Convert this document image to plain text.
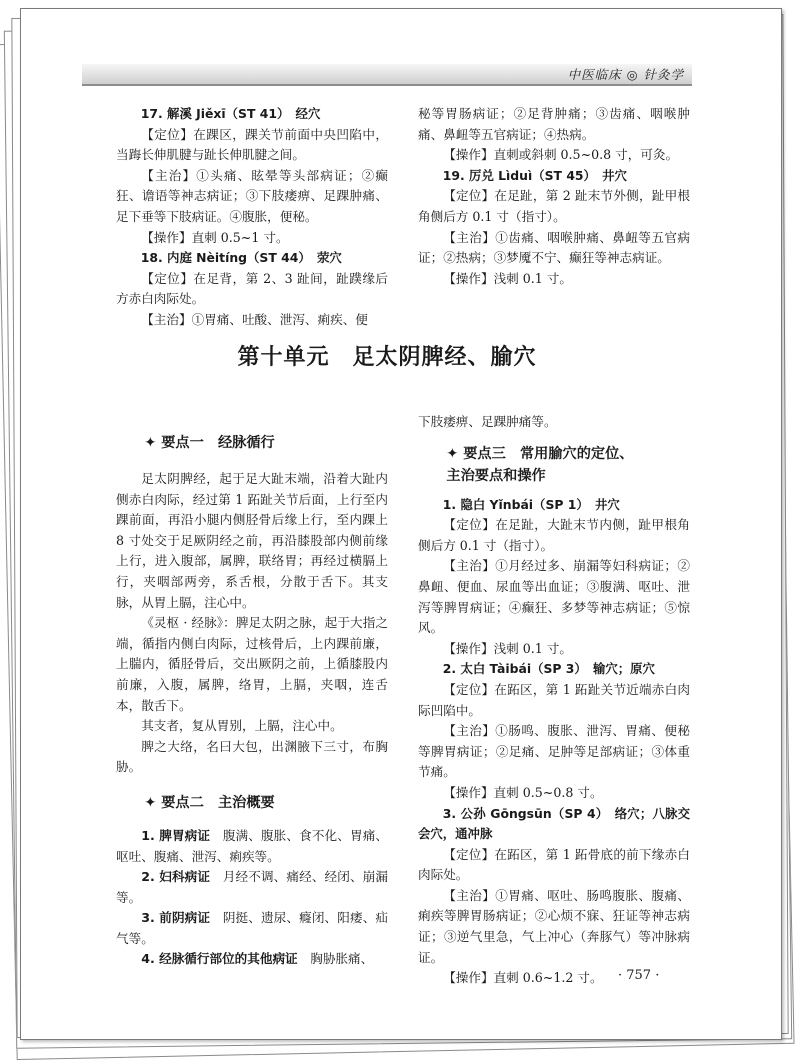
中医临床 ◎ 针灸学

17. 解溪 Jiěxī（ST 41）　经穴

【定位】在踝区，踝关节前面中央凹陷中，当踇长伸肌腱与趾长伸肌腱之间。

【主治】①头痛、眩晕等头部病证；②癫狂、谵语等神志病证；③下肢痿痹、足踝肿痛、足下垂等下肢病证。④腹胀，便秘。

【操作】直刺 0.5~1 寸。

18. 内庭 Nèitíng（ST 44）　荥穴

【定位】在足背，第 2、3 趾间，趾蹼缘后方赤白肉际处。

【主治】①胃痛、吐酸、泄泻、痢疾、便

秘等胃肠病证；②足背肿痛；③齿痛、咽喉肿痛、鼻衄等五官病证；④热病。

【操作】直刺或斜刺 0.5~0.8 寸，可灸。

19. 厉兑 Lìduì（ST 45）　井穴

【定位】在足趾，第 2 趾末节外侧，趾甲根角侧后方 0.1 寸（指寸）。

【主治】①齿痛、咽喉肿痛、鼻衄等五官病证；②热病；③梦魇不宁、癫狂等神志病证。

【操作】浅刺 0.1 寸。

第十单元　足太阴脾经、腧穴

✦ 要点一　经脉循行

足太阴脾经，起于足大趾末端，沿着大趾内侧赤白肉际，经过第 1 跖趾关节后面，上行至内踝前面，再沿小腿内侧胫骨后缘上行，至内踝上 8 寸处交于足厥阴经之前，再沿膝股部内侧前缘上行，进入腹部，属脾，联络胃；再经过横膈上行，夹咽部两旁，系舌根，分散于舌下。其支脉，从胃上膈，注心中。

《灵枢 · 经脉》：脾足太阴之脉，起于大指之端，循指内侧白肉际，过核骨后，上内踝前廉，上腨内，循胫骨后，交出厥阴之前，上循膝股内前廉，入腹，属脾，络胃，上膈，夹咽，连舌本，散舌下。

其支者，复从胃别，上膈，注心中。

脾之大络，名曰大包，出渊腋下三寸，布胸胁。

✦ 要点二　主治概要

1. 脾胃病证　腹满、腹胀、食不化、胃痛、呕吐、腹痛、泄泻、痢疾等。

2. 妇科病证　月经不调、痛经、经闭、崩漏等。

3. 前阴病证　阴挺、遗尿、癃闭、阳痿、疝气等。

4. 经脉循行部位的其他病证　胸胁胀痛、

下肢痿痹、足踝肿痛等。

✦ 要点三　常用腧穴的定位、

主治要点和操作

1. 隐白 Yǐnbái（SP 1）　井穴

【定位】在足趾，大趾末节内侧，趾甲根角侧后方 0.1 寸（指寸）。

【主治】①月经过多、崩漏等妇科病证；②鼻衄、便血、尿血等出血证；③腹满、呕吐、泄泻等脾胃病证；④癫狂、多梦等神志病证；⑤惊风。

【操作】浅刺 0.1 寸。

2. 太白 Tàibái（SP 3）　输穴；原穴

【定位】在跖区，第 1 跖趾关节近端赤白肉际凹陷中。

【主治】①肠鸣、腹胀、泄泻、胃痛、便秘等脾胃病证；②足痛、足肿等足部病证；③体重节痛。

【操作】直刺 0.5~0.8 寸。

3. 公孙 Gōngsūn（SP 4）　络穴；八脉交会穴，通冲脉

【定位】在跖区，第 1 跖骨底的前下缘赤白肉际处。

【主治】①胃痛、呕吐、肠鸣腹胀、腹痛、痢疾等脾胃肠病证；②心烦不寐、狂证等神志病证；③逆气里急，气上冲心（奔豚气）等冲脉病证。

【操作】直刺 0.6~1.2 寸。	· 757 ·
